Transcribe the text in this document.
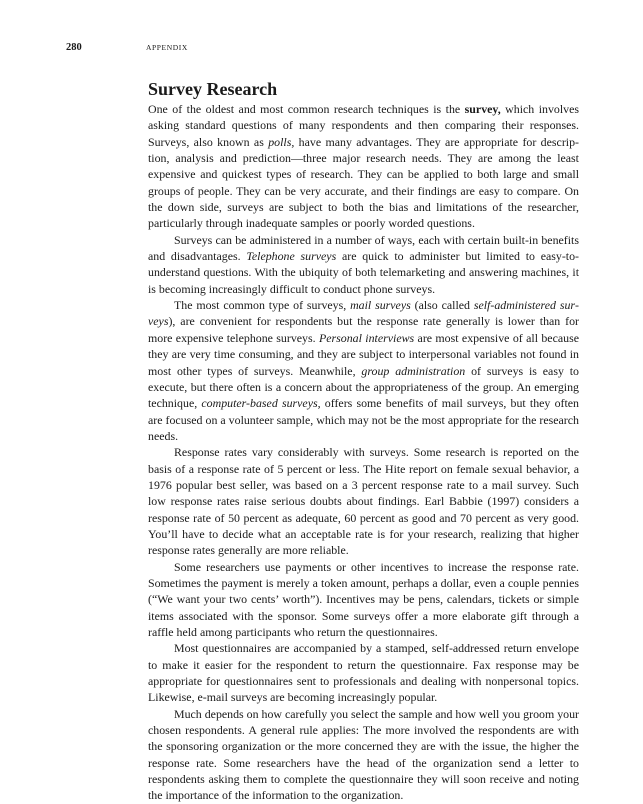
280	APPENDIX
Survey Research

One of the oldest and most common research techniques is the survey, which involves asking standard questions of many respondents and then comparing their responses. Surveys, also known as polls, have many advantages. They are appropriate for description, analysis and prediction—three major research needs. They are among the least expensive and quickest types of research. They can be applied to both large and small groups of people. They can be very accurate, and their findings are easy to compare. On the down side, surveys are subject to both the bias and limitations of the researcher, particularly through inadequate samples or poorly worded questions.

Surveys can be administered in a number of ways, each with certain built-in benefits and disadvantages. Telephone surveys are quick to administer but limited to easy-to-understand questions. With the ubiquity of both telemarketing and answering machines, it is becoming increasingly difficult to conduct phone surveys.

The most common type of surveys, mail surveys (also called self-administered surveys), are convenient for respondents but the response rate generally is lower than for more expensive telephone surveys. Personal interviews are most expensive of all because they are very time consuming, and they are subject to interpersonal variables not found in most other types of surveys. Meanwhile, group administration of surveys is easy to execute, but there often is a concern about the appropriateness of the group. An emerging technique, computer-based surveys, offers some benefits of mail surveys, but they often are focused on a volunteer sample, which may not be the most appropriate for the research needs.

Response rates vary considerably with surveys. Some research is reported on the basis of a response rate of 5 percent or less. The Hite report on female sexual behavior, a 1976 popular best seller, was based on a 3 percent response rate to a mail survey. Such low response rates raise serious doubts about findings. Earl Babbie (1997) considers a response rate of 50 percent as adequate, 60 percent as good and 70 percent as very good. You’ll have to decide what an acceptable rate is for your research, realizing that higher response rates generally are more reliable.

Some researchers use payments or other incentives to increase the response rate. Sometimes the payment is merely a token amount, perhaps a dollar, even a couple pennies (“We want your two cents’ worth”). Incentives may be pens, calendars, tickets or simple items associated with the sponsor. Some surveys offer a more elaborate gift through a raffle held among participants who return the questionnaires.

Most questionnaires are accompanied by a stamped, self-addressed return envelope to make it easier for the respondent to return the questionnaire. Fax response may be appropriate for questionnaires sent to professionals and dealing with nonpersonal topics. Likewise, e-mail surveys are becoming increasingly popular.

Much depends on how carefully you select the sample and how well you groom your chosen respondents. A general rule applies: The more involved the respondents are with the sponsoring organization or the more concerned they are with the issue, the higher the response rate. Some researchers have the head of the organization send a letter to respondents asking them to complete the questionnaire they will soon receive and noting the importance of the information to the organization.
